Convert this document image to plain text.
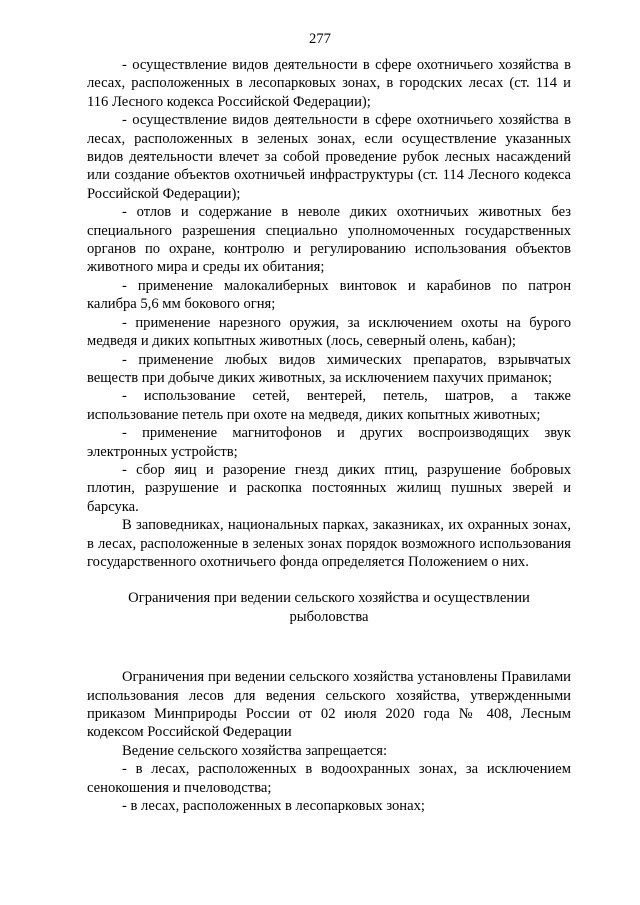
277

- осуществление видов деятельности в сфере охотничьего хозяйства в лесах, расположенных в лесопарковых зонах, в городских лесах (ст. 114 и 116 Лесного кодекса Российской Федерации);

- осуществление видов деятельности в сфере охотничьего хозяйства в лесах, расположенных в зеленых зонах, если осуществление указанных видов деятельности влечет за собой проведение рубок лесных насаждений или создание объектов охотничьей инфраструктуры (ст. 114 Лесного кодекса Российской Федерации);

- отлов и содержание в неволе диких охотничьих животных без специального разрешения специально уполномоченных государственных органов по охране, контролю и регулированию использования объектов животного мира и среды их обитания;

- применение малокалиберных винтовок и карабинов по патрон калибра 5,6 мм бокового огня;

- применение нарезного оружия, за исключением охоты на бурого медведя и диких копытных животных (лось, северный олень, кабан);

- применение любых видов химических препаратов, взрывчатых веществ при добыче диких животных, за исключением пахучих приманок;

- использование сетей, вентерей, петель, шатров, а также использование петель при охоте на медведя, диких копытных животных;

- применение магнитофонов и других воспроизводящих звук электронных устройств;

- сбор яиц и разорение гнезд диких птиц, разрушение бобровых плотин, разрушение и раскопка постоянных жилищ пушных зверей и барсука.

В заповедниках, национальных парках, заказниках, их охранных зонах, в лесах, расположенные в зеленых зонах порядок возможного использования государственного охотничьего фонда определяется Положением о них.

Ограничения при ведении сельского хозяйства и осуществлении рыболовства

Ограничения при ведении сельского хозяйства установлены Правилами использования лесов для ведения сельского хозяйства, утвержденными приказом Минприроды России от 02 июля 2020 года № 408, Лесным кодексом Российской Федерации

Ведение сельского хозяйства запрещается:

- в лесах, расположенных в водоохранных зонах, за исключением сенокошения и пчеловодства;

- в лесах, расположенных в лесопарковых зонах;
